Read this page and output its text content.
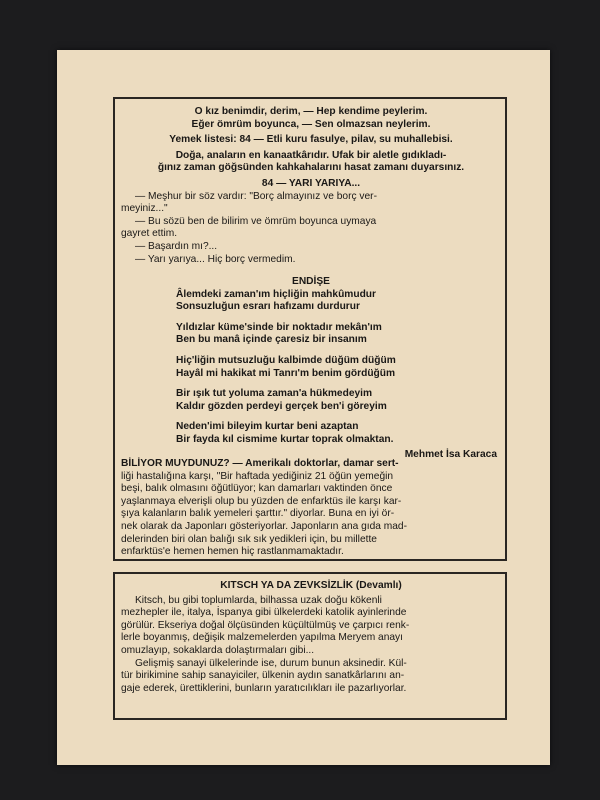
O kız benimdir, derim, — Hep kendime peylerim.
Eğer ömrüm boyunca, — Sen olmazsan neylerim.
Yemek listesi: 84 — Etli kuru fasulye, pilav, su muhallebisi.
Doğa, anaların en kanaatkârıdır. Ufak bir aletle gıdıkladı-
ğınız zaman göğsünden kahkahalarını hasat zamanı duyarsınız.
84 — YARI YARIYA...
— Meşhur bir söz vardır: "Borç almayınız ve borç ver-
meyiniz..."
— Bu sözü ben de bilirim ve ömrüm boyunca uymaya
gayret ettim.
— Başardın mı?...
— Yarı yarıya... Hiç borç vermedim.
ENDİŞE
Âlemdeki zaman'ım hiçliğin mahkûmudur
Sonsuzluğun esrarı hafızamı durdurur
Yıldızlar küme'sinde bir noktadır mekân'ım
Ben bu manâ içinde çaresiz bir insanım
Hiç'liğin mutsuzluğu kalbimde düğüm düğüm
Hayâl mi hakikat mi Tanrı'm benim gördüğüm
Bir ışık tut yoluma zaman'a hükmedeyim
Kaldır gözden perdeyi gerçek ben'i göreyim
Neden'imi bileyim kurtar beni azaptan
Bir fayda kıl cismime kurtar toprak olmaktan.
Mehmet İsa Karaca
BİLİYOR MUYDUNUZ? — Amerikalı doktorlar, damar sert-
liği hastalığına karşı, "Bir haftada yediğiniz 21 öğün yemeğin
beşi, balık olmasını öğütlüyor; kan damarları vaktinden önce
yaşlanmaya elverişli olup bu yüzden de enfarktüs ile karşı kar-
şıya kalanların balık yemeleri şarttır." diyorlar. Buna en iyi ör-
nek olarak da Japonları gösteriyorlar. Japonların ana gıda mad-
delerinden biri olan balığı sık sık yedikleri için, bu millette
enfarktüs'e hemen hemen hiç rastlanmamaktadır.
KITSCH YA DA ZEVKSİZLİK (Devamlı)
Kitsch, bu gibi toplumlarda, bilhassa uzak doğu kökenli
mezhepler ile, italya, İspanya gibi ülkelerdeki katolik ayinlerinde
görülür. Ekseriya doğal ölçüsünden küçültülmüş ve çarpıcı renk-
lerle boyanmış, değişik malzemelerden yapılma Meryem anayı
omuzlayıp, sokaklarda dolaştırmaları gibi...
Gelişmiş sanayi ülkelerinde ise, durum bunun aksinedir. Kül-
tür birikimine sahip sanayiciler, ülkenin aydın sanatkârlarını an-
gaje ederek, ürettiklerini, bunların yaratıcılıkları ile pazarlıyorlar.
